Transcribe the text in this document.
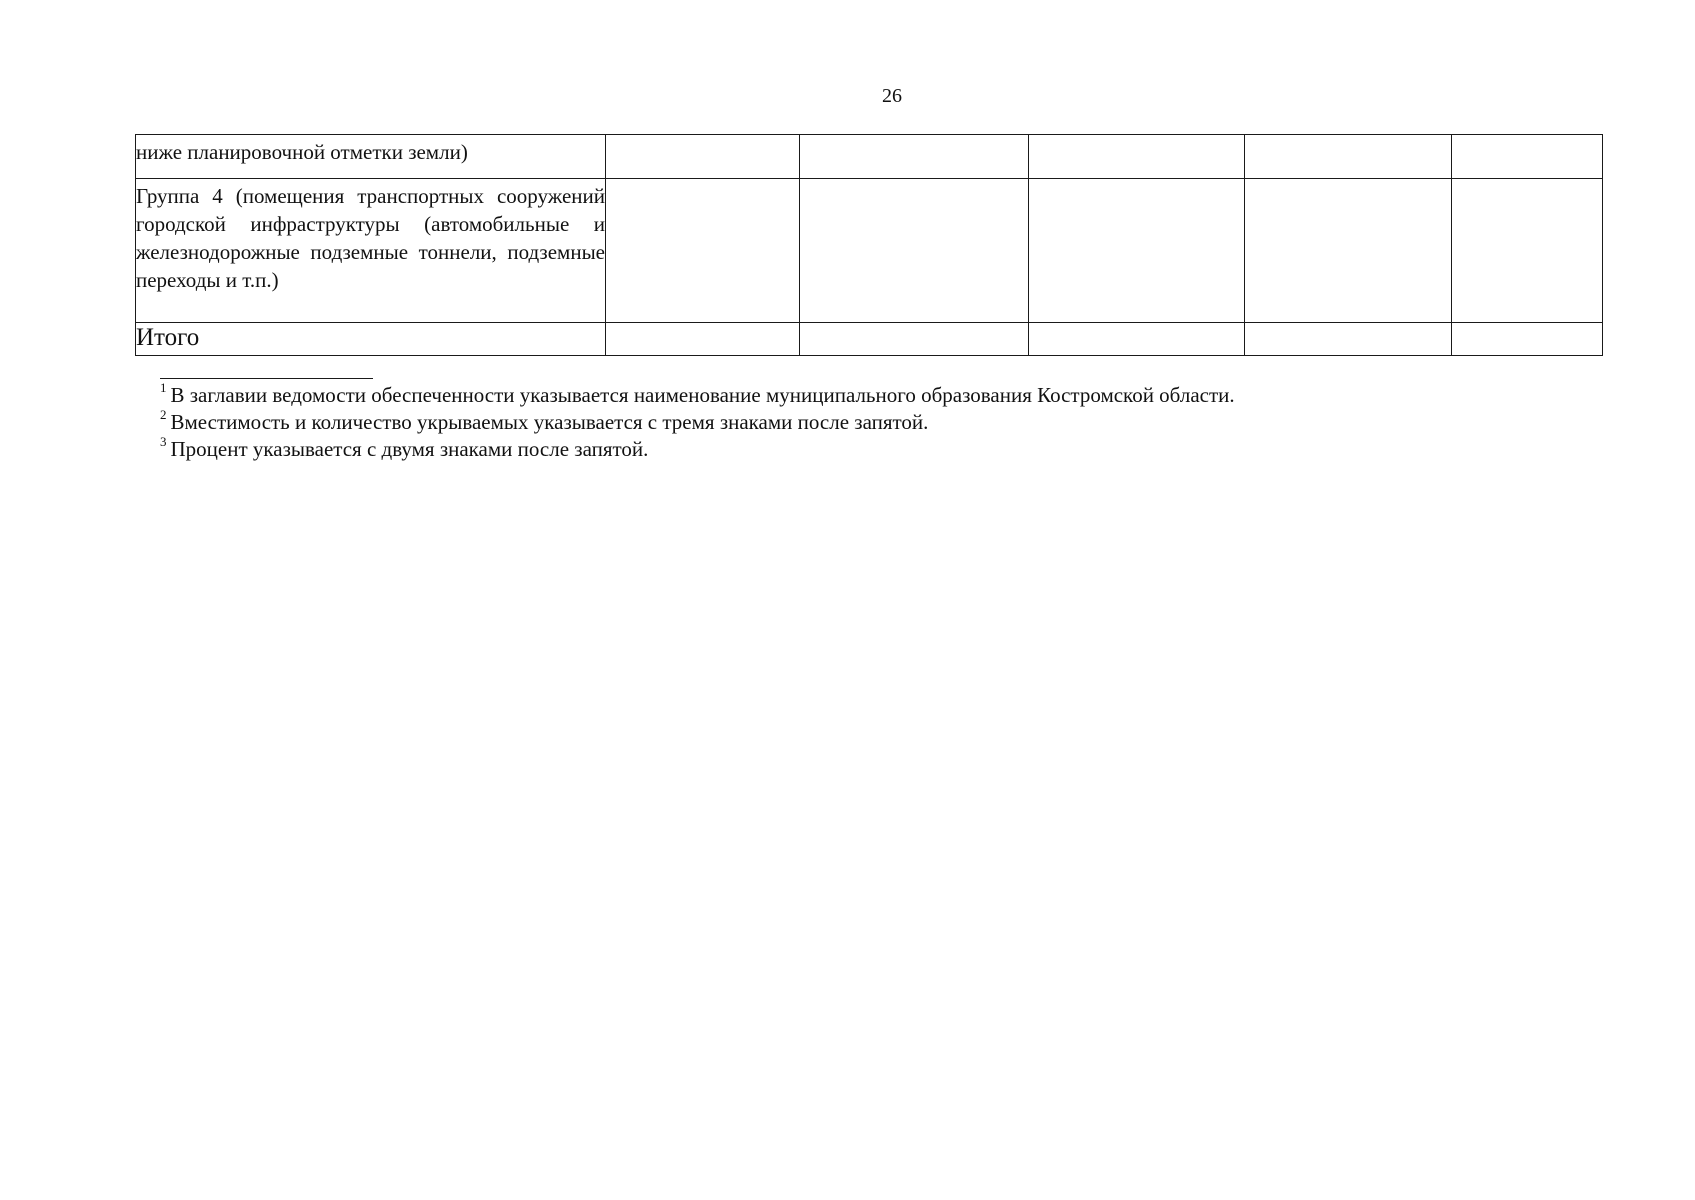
26
ниже планировочной отметки земли)					
Группа 4 (помещения транспортных сооружений городской инфраструктуры (автомобильные и железнодорожные подземные тоннели, подземные переходы и т.п.)					
Итого					
$^1$ В заглавии ведомости обеспеченности указывается наименование муниципального образования Костромской области.
$^2$ Вместимость и количество укрываемых указывается с тремя знаками после запятой.
$^3$ Процент указывается с двумя знаками после запятой.
